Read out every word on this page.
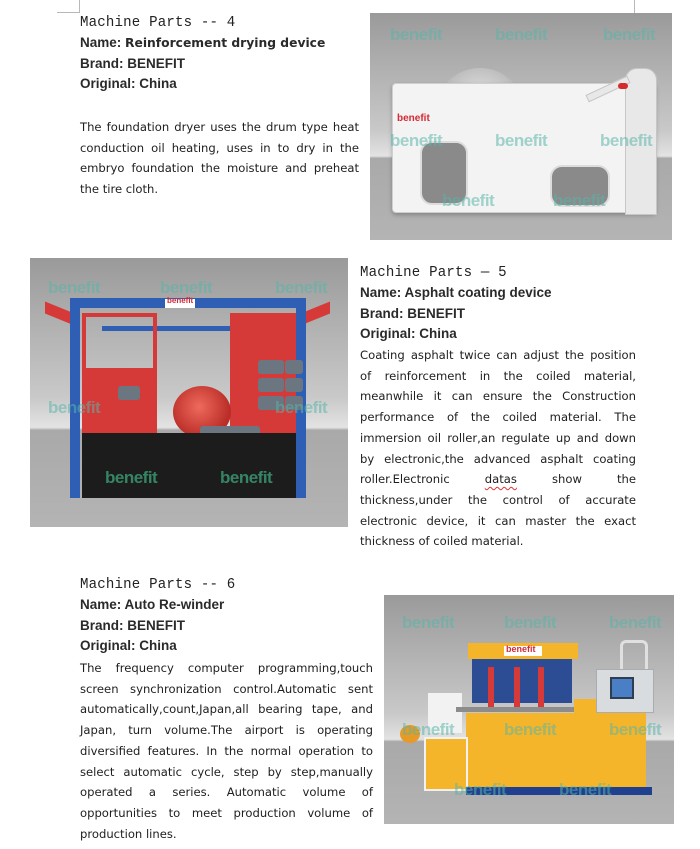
Machine Parts -- 4
Name: Reinforcement drying device
Brand: BENEFIT
Original: China
The foundation dryer uses the drum type heat conduction oil heating, uses in to dry in the embryo foundation the moisture and preheat the tire cloth.
benefit	benefit	benefit
benefit
benefit	benefit
benefit
benefit	benefit
benefit	benefit	benefit
benefit
benefit	benefit
benefit	benefit
Machine Parts — 5
Name: Asphalt coating device
Brand: BENEFIT
Original: China
Coating asphalt twice can adjust the position of reinforcement in the coiled material, meanwhile it can ensure the Construction performance of the coiled material. The immersion oil roller,an regulate up and down by electronic,the advanced asphalt coating roller.Electronic datas show the thickness,under the control of accurate electronic device, it can master the exact thickness of coiled material.
Machine Parts -- 6
Name: Auto Re-winder
Brand: BENEFIT
Original: China
The frequency computer programming,touch screen synchronization control.Automatic sent automatically,count,Japan,all bearing tape, and Japan, turn volume.The airport is operating diversified features. In the normal operation to select automatic cycle, step by step,manually operated a series. Automatic volume of opportunities to meet production volume of production lines.
benefit	benefit	benefit
benefit
benefit	benefit	benefit
benefit	benefit
